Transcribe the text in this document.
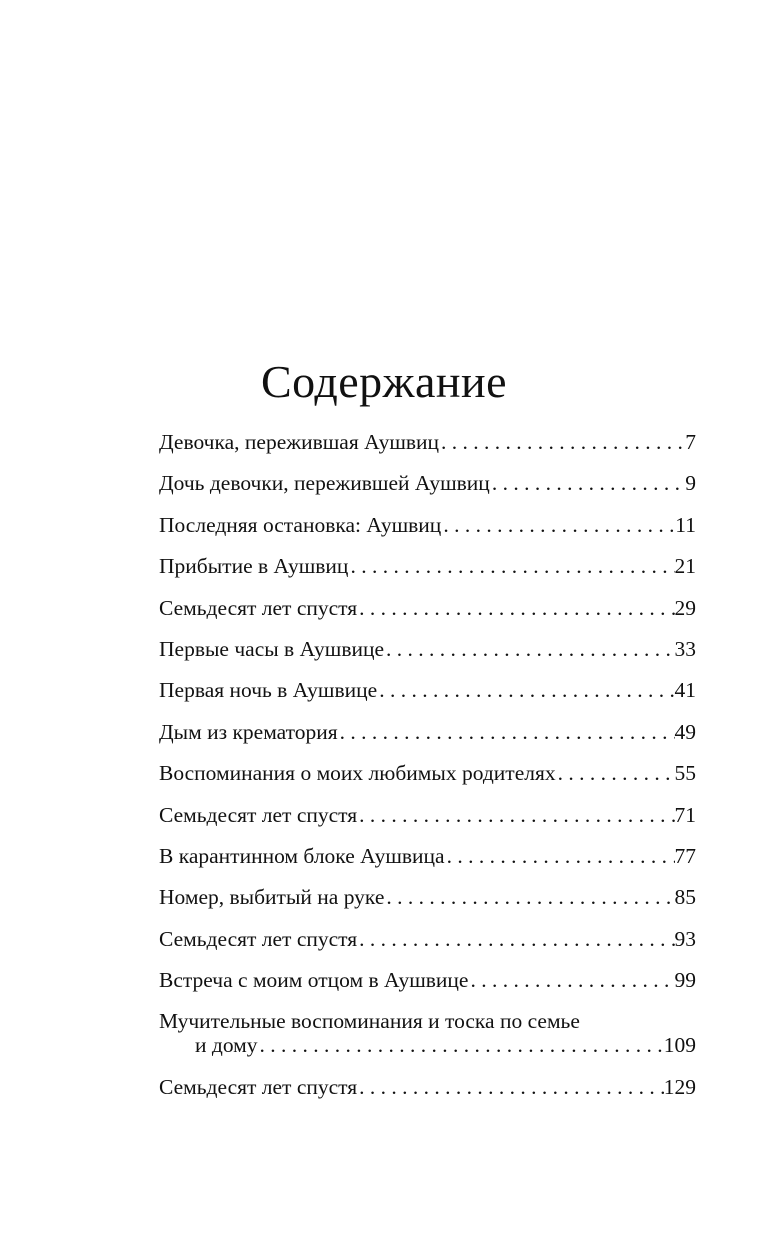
Содержание
Девочка, пережившая Аушвиц . . .	7
Дочь девочки, пережившей Аушвиц . . .	9
Последняя остановка: Аушвиц . . .	11
Прибытие в Аушвиц . . .	21
Семьдесят лет спустя . . .	29
Первые часы в Аушвице . . .	33
Первая ночь в Аушвице . . .	41
Дым из крематория . . .	49
Воспоминания о моих любимых родителях . . .	55
Семьдесят лет спустя . . .	71
В карантинном блоке Аушвица . . .	77
Номер, выбитый на руке . . .	85
Семьдесят лет спустя . . .	93
Встреча с моим отцом в Аушвице . . .	99
Мучительные воспоминания и тоска по семье
и дому . . .	109
Семьдесят лет спустя . . .	129
